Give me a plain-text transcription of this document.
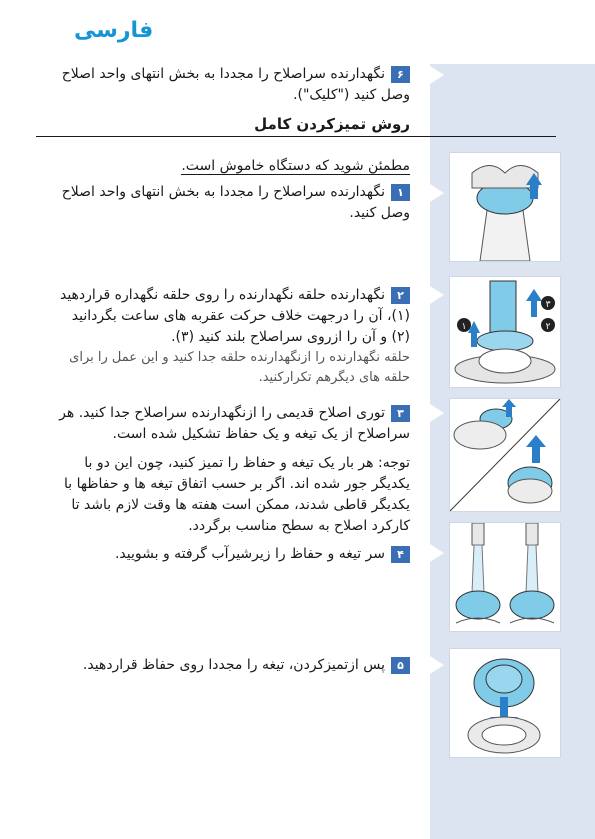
فارسی
۶نگهدارنده سراصلاح را مجددا به بخش انتهای واحد اصلاح وصل کنید ("کلیک").
روش تمیزکردن کامل
مطمئن شوید که دستگاه خاموش است.
۱نگهدارنده سراصلاح را مجددا به بخش انتهای واحد اصلاح وصل کنید.
۲نگهدارنده حلقه نگهدارنده را روی حلقه نگهداره قراردهید (۱)، آن را درجهت خلاف حرکت عقربه های ساعت بگردانید (۲) و آن را ازروی سراصلاح بلند کنید (۳).
حلقه نگهدارنده را ازنگهدارنده حلقه جدا کنید و این عمل را برای حلقه های دیگرهم تکرارکنید.
۳توری اصلاح قدیمی را ازنگهدارنده سراصلاح جدا کنید. هر سراصلاح از یک تیغه و یک حفاظ تشکیل شده است.
توجه: هر بار یک تیغه و حفاظ را تمیز کنید، چون این دو با یکدیگر جور شده اند. اگر بر حسب اتفاق تیغه ها و حفاظها با یکدیگر قاطی شدند، ممکن است هفته ها وقت لازم باشد تا کارکرد اصلاح به سطح مناسب برگردد.
۴سر تیغه و حفاظ را زیرشیرآب گرفته و بشویید.
۵پس ازتمیزکردن، تیغه را مجددا روی حفاظ قراردهید.
۱	۲
۳
